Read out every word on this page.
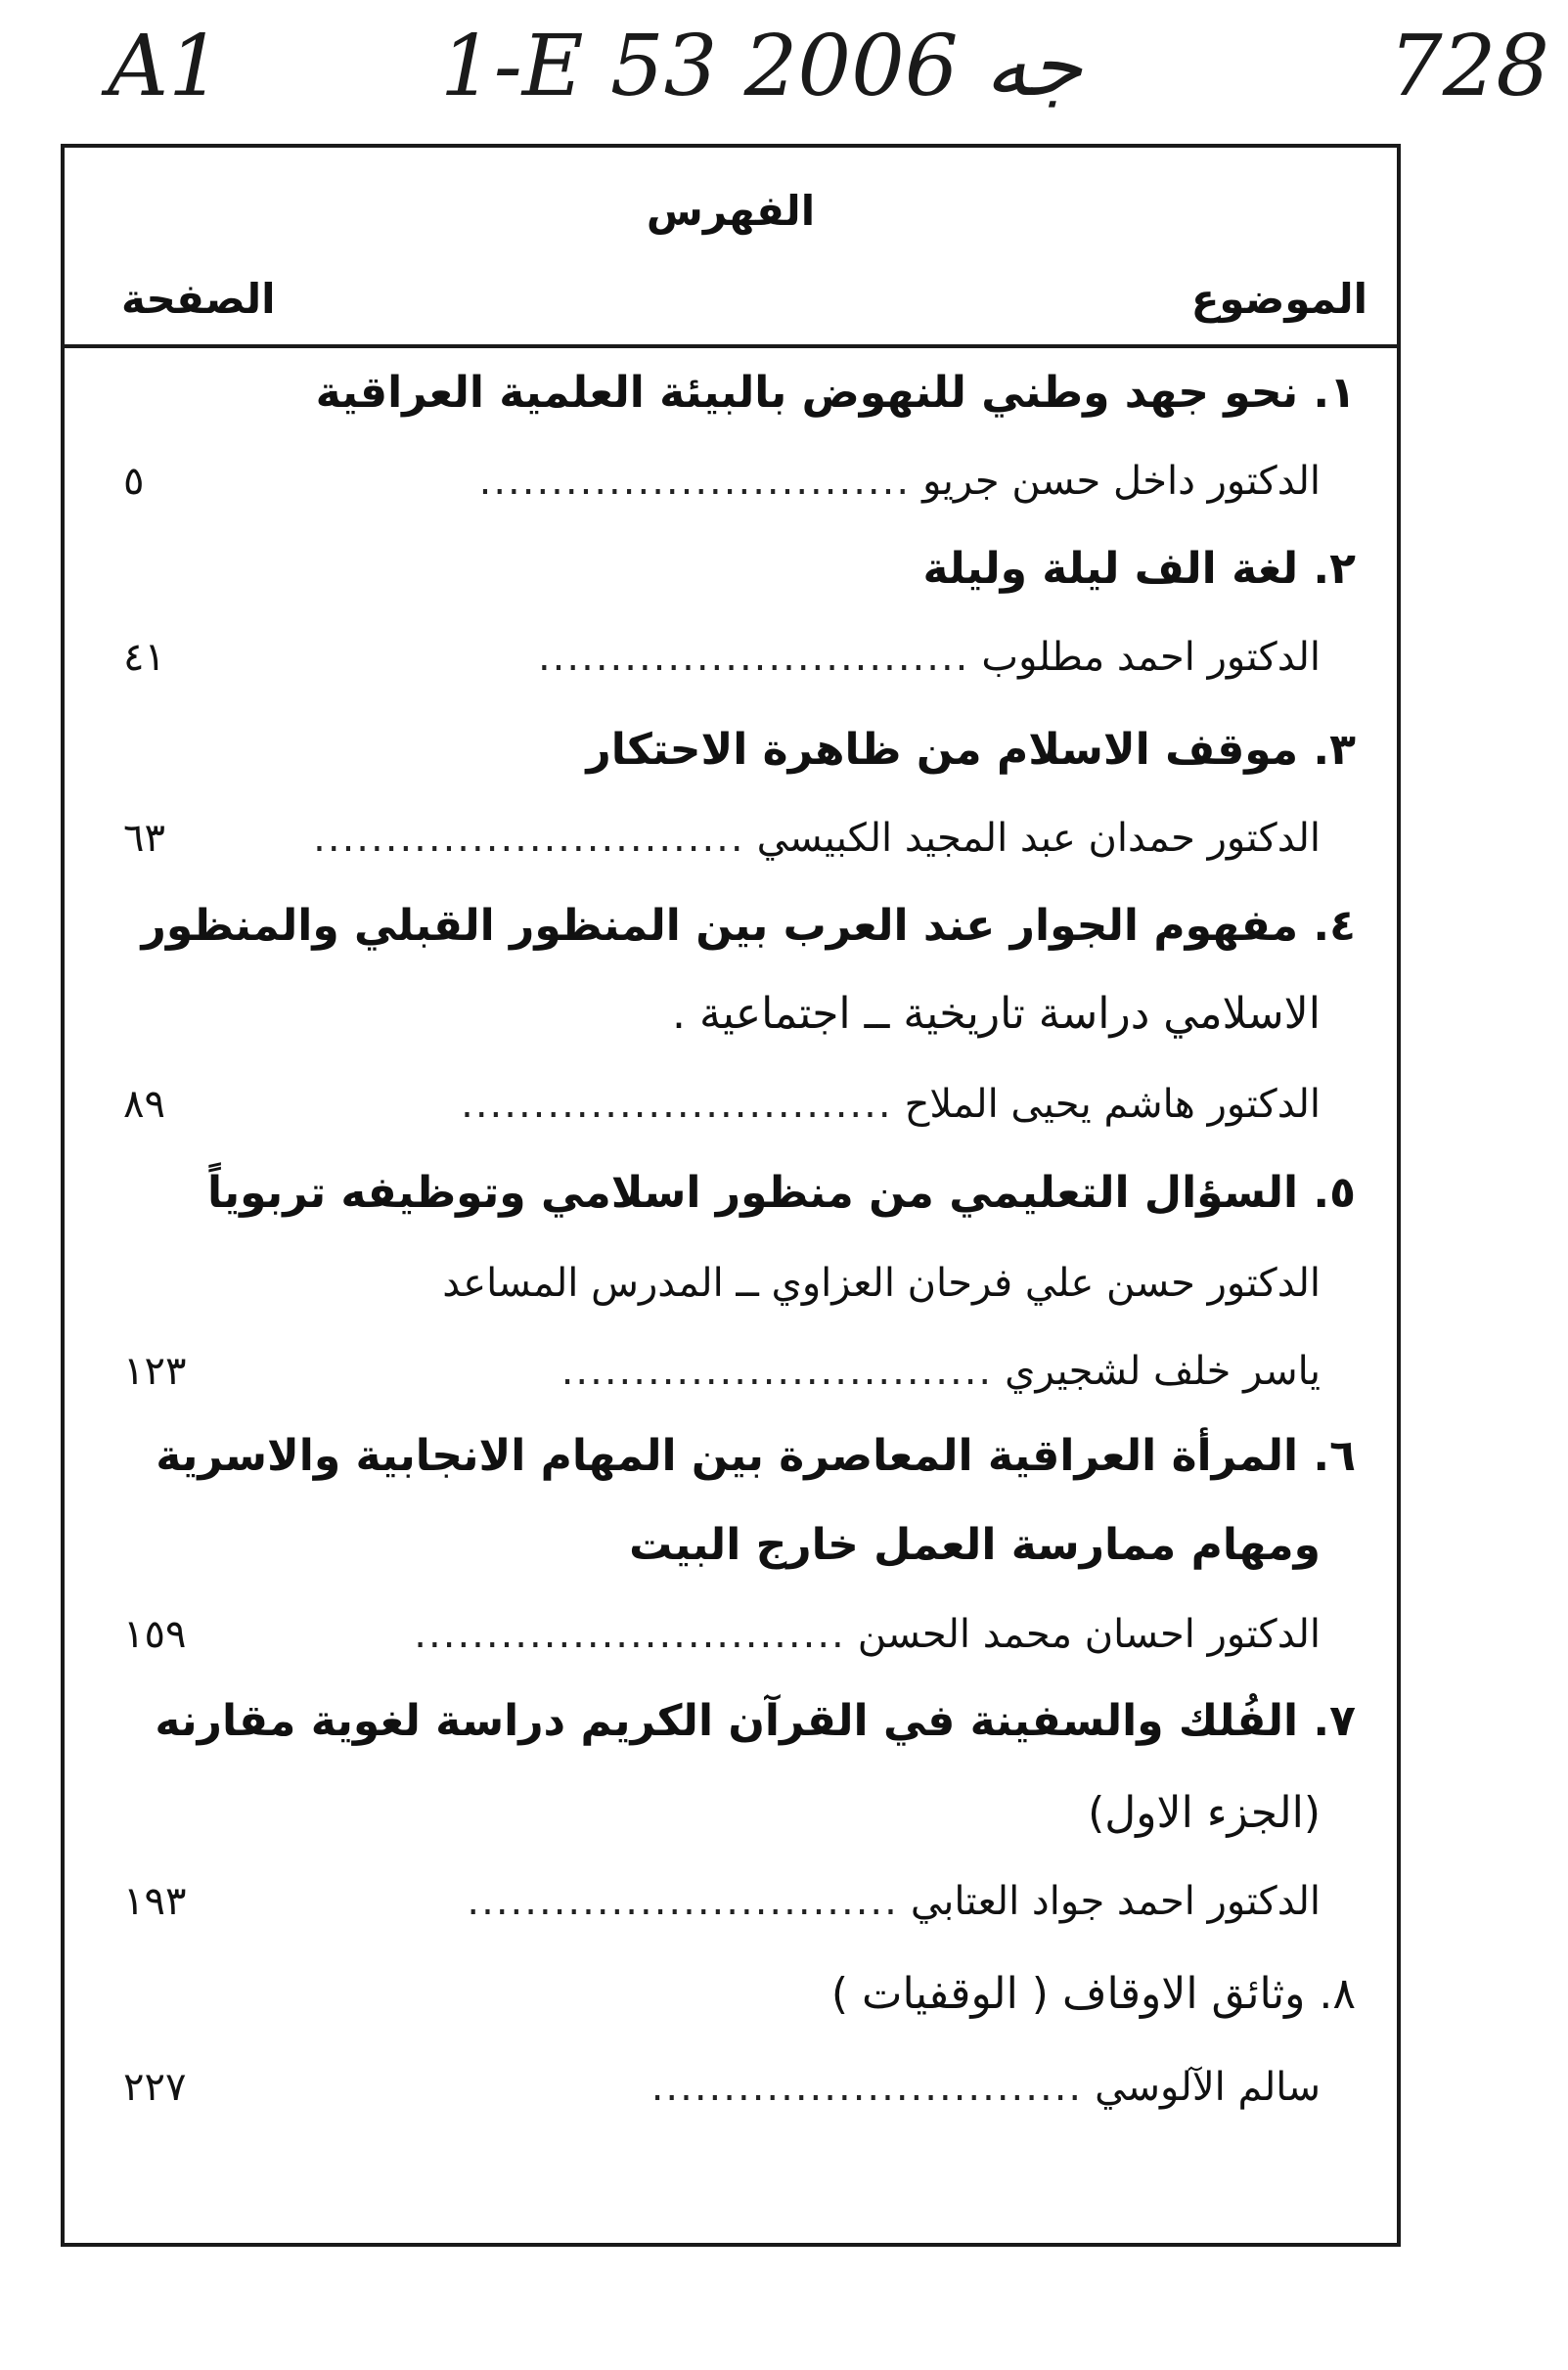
A1	1-E 53 جه 2006	728
الفهرس
الموضوع
الصفحة
١. نحو جهد وطني للنهوض بالبيئة العلمية العراقية
الدكتور داخل حسن جريو
..............................
٥
٢. لغة الف ليلة وليلة
الدكتور احمد مطلوب
..............................
٤١
٣. موقف الاسلام من ظاهرة الاحتكار
الدكتور حمدان عبد المجيد الكبيسي
..............................
٦٣
٤. مفهوم الجوار عند العرب بين المنظور القبلي والمنظور
الاسلامي دراسة تاريخية ــ اجتماعية .
الدكتور هاشم يحيى الملاح
..............................
٨٩
٥. السؤال التعليمي من منظور اسلامي وتوظيفه تربوياً
الدكتور حسن علي فرحان العزاوي ــ المدرس المساعد
ياسر خلف لشجيري
..............................
١٢٣
٦. المرأة العراقية المعاصرة بين المهام الانجابية والاسرية
ومهام ممارسة العمل خارج البيت
الدكتور احسان محمد الحسن
..............................
١٥٩
٧. الفُلك والسفينة في القرآن الكريم دراسة لغوية مقارنه
(الجزء الاول)
الدكتور احمد جواد العتابي
..............................
١٩٣
٨. وثائق الاوقاف ( الوقفيات )
سالم الآلوسي
..............................
٢٢٧
